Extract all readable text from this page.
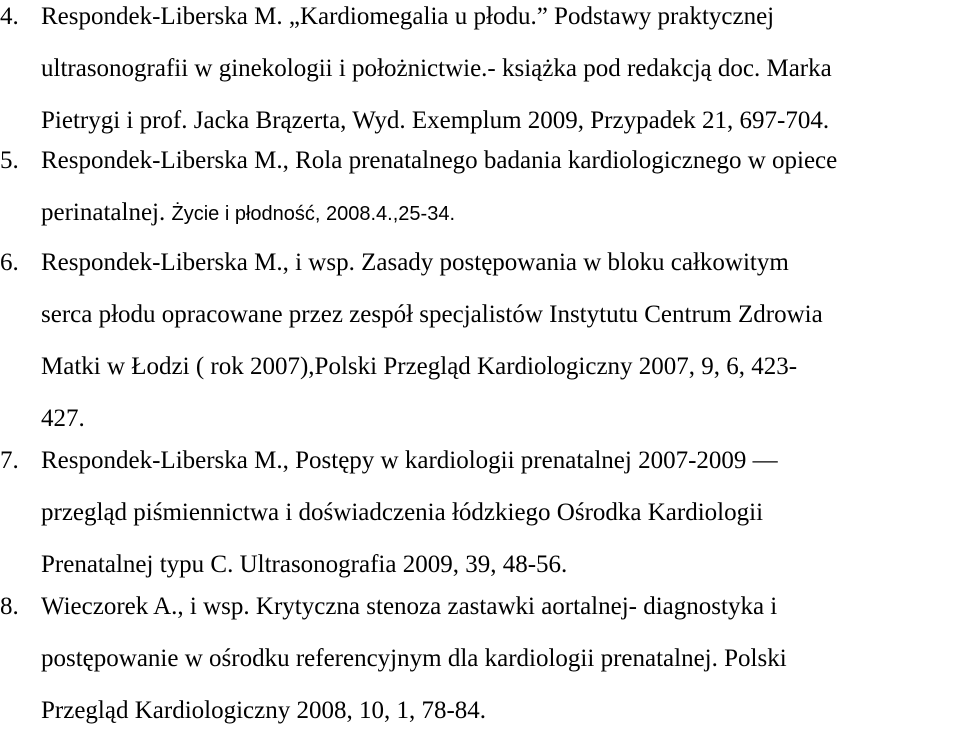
4. Respondek-Liberska M. „Kardiomegalia u płodu.” Podstawy praktycznej
ultrasonografii w ginekologii i położnictwie.- książka pod redakcją doc. Marka
Pietrygi i prof. Jacka Brązerta, Wyd. Exemplum 2009, Przypadek 21, 697-704.
5. Respondek-Liberska M., Rola prenatalnego badania kardiologicznego w opiece
perinatalnej. Życie i płodność, 2008.4.,25-34.
6. Respondek-Liberska M., i wsp. Zasady postępowania w bloku całkowitym
serca płodu opracowane przez zespół specjalistów Instytutu Centrum Zdrowia
Matki w Łodzi ( rok 2007),Polski Przegląd Kardiologiczny 2007, 9, 6, 423-
427.
7. Respondek-Liberska M., Postępy w kardiologii prenatalnej 2007-2009 —
przegląd piśmiennictwa i doświadczenia łódzkiego Ośrodka Kardiologii
Prenatalnej typu C. Ultrasonografia 2009, 39, 48-56.
8. Wieczorek A., i wsp. Krytyczna stenoza zastawki aortalnej- diagnostyka i
postępowanie w ośrodku referencyjnym dla kardiologii prenatalnej. Polski
Przegląd Kardiologiczny 2008, 10, 1, 78-84.
